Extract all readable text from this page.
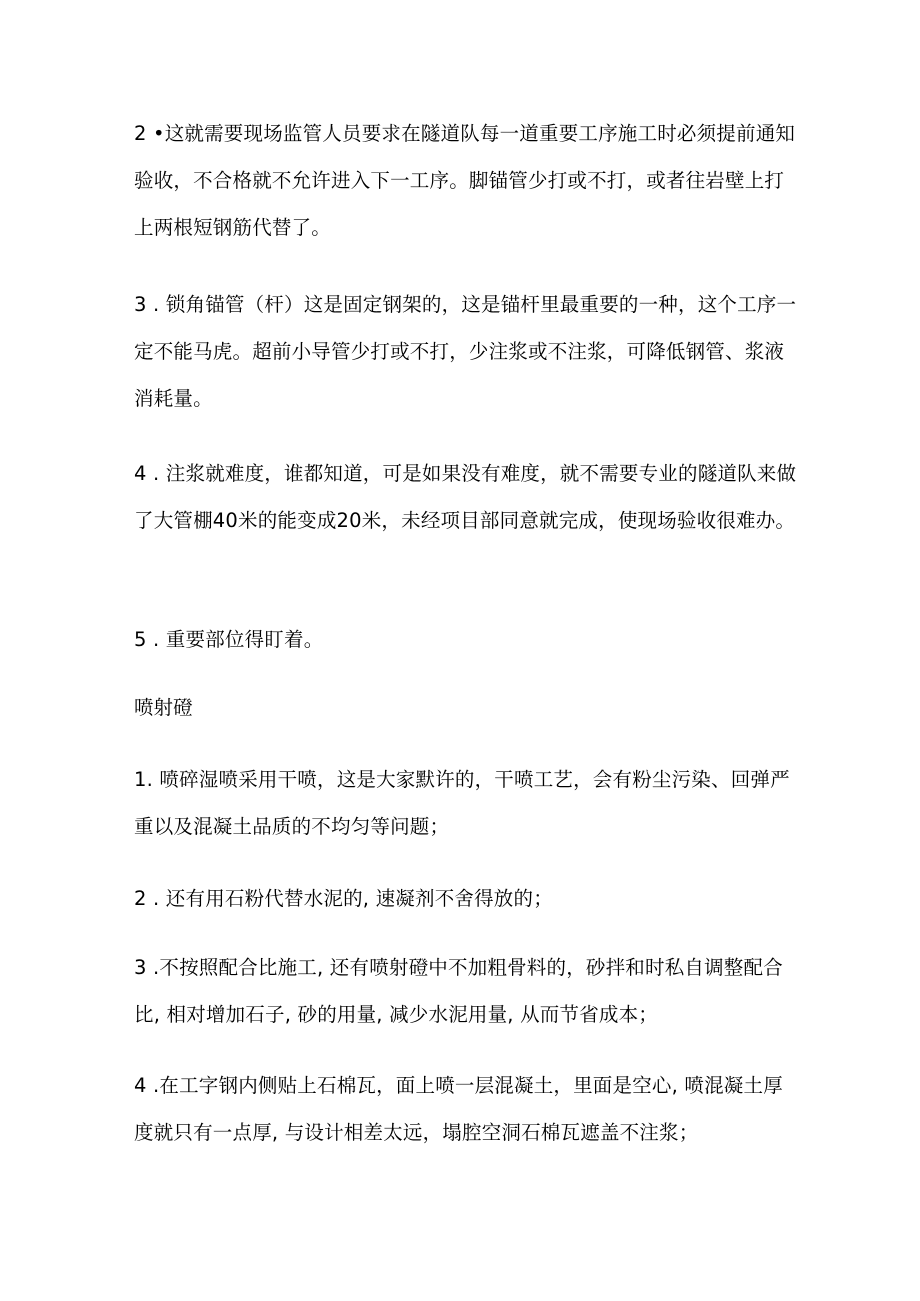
2 •这就需要现场监管人员要求在隧道队每一道重要工序施工时必须提前通知验收，不合格就不允许进入下一工序。脚锚管少打或不打，或者往岩壁上打上两根短钢筋代替了。

3 . 锁角锚管（杆）这是固定钢架的，这是锚杆里最重要的一种，这个工序一定不能马虎。超前小导管少打或不打，少注浆或不注浆，可降低钢管、浆液消耗量。

4 . 注浆就难度，谁都知道，可是如果没有难度，就不需要专业的隧道队来做了大管棚40米的能变成20米，未经项目部同意就完成，使现场验收很难办。

5 . 重要部位得盯着。

喷射磴

1. 喷碎湿喷采用干喷，这是大家默许的，干喷工艺，会有粉尘污染、回弹严重以及混凝土品质的不均匀等问题；

2 . 还有用石粉代替水泥的, 速凝剂不舍得放的；

3 .不按照配合比施工, 还有喷射磴中不加粗骨料的，砂拌和时私自调整配合比, 相对增加石子, 砂的用量, 减少水泥用量, 从而节省成本；

4 .在工字钢内侧贴上石棉瓦，面上喷一层混凝土，里面是空心, 喷混凝土厚度就只有一点厚, 与设计相差太远，塌腔空洞石棉瓦遮盖不注浆；
